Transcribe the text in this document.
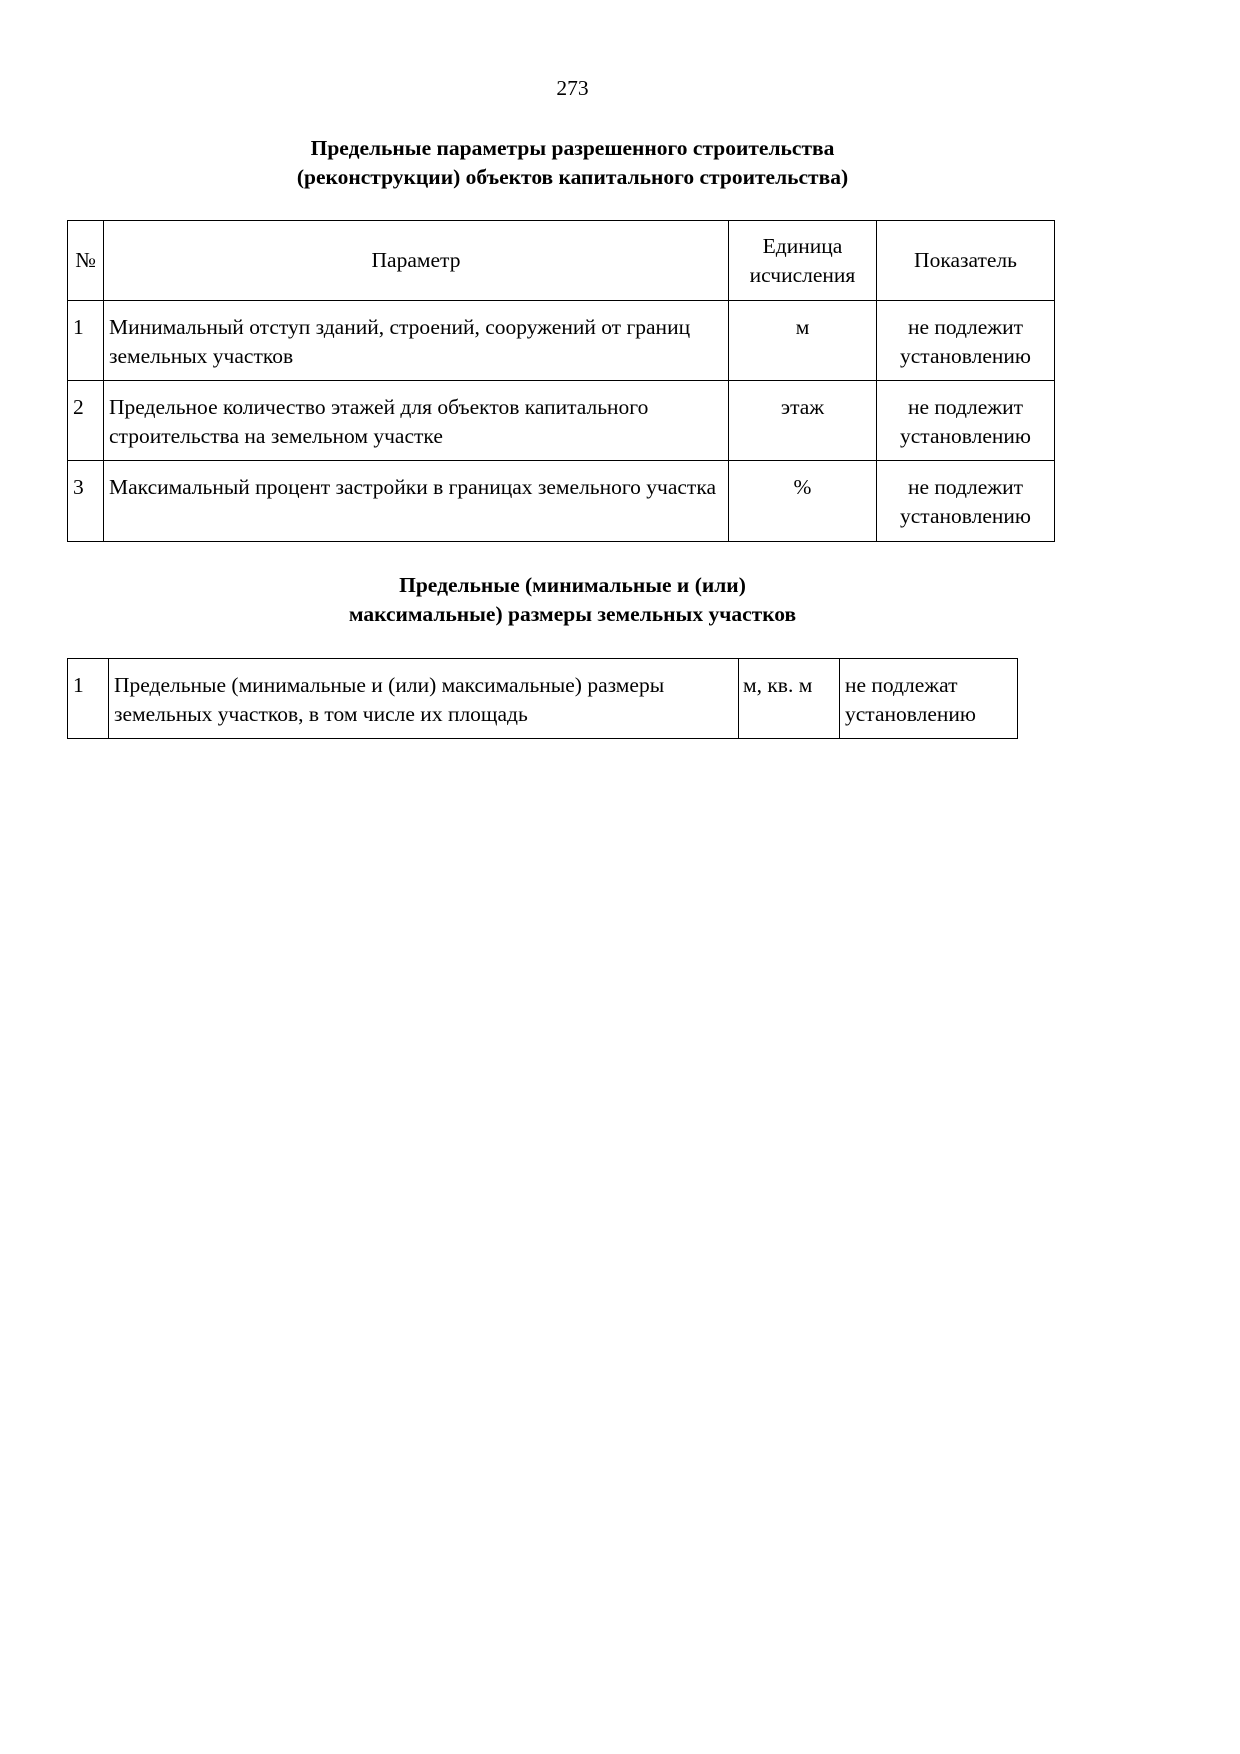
273
Предельные параметры разрешенного строительства
(реконструкции) объектов капитального строительства)
№	Параметр	Единица исчисления	Показатель
1	Минимальный отступ зданий, строений, сооружений от границ земельных участков	м	не подлежит установлению
2	Предельное количество этажей для объектов капитального строительства на земельном участке	этаж	не подлежит установлению
3	Максимальный процент застройки в границах земельного участка	%	не подлежит установлению
Предельные (минимальные и (или)
максимальные) размеры земельных участков
1	Предельные (минимальные и (или) максимальные) размеры земельных участков, в том числе их площадь	м, кв. м	не подлежат установлению
